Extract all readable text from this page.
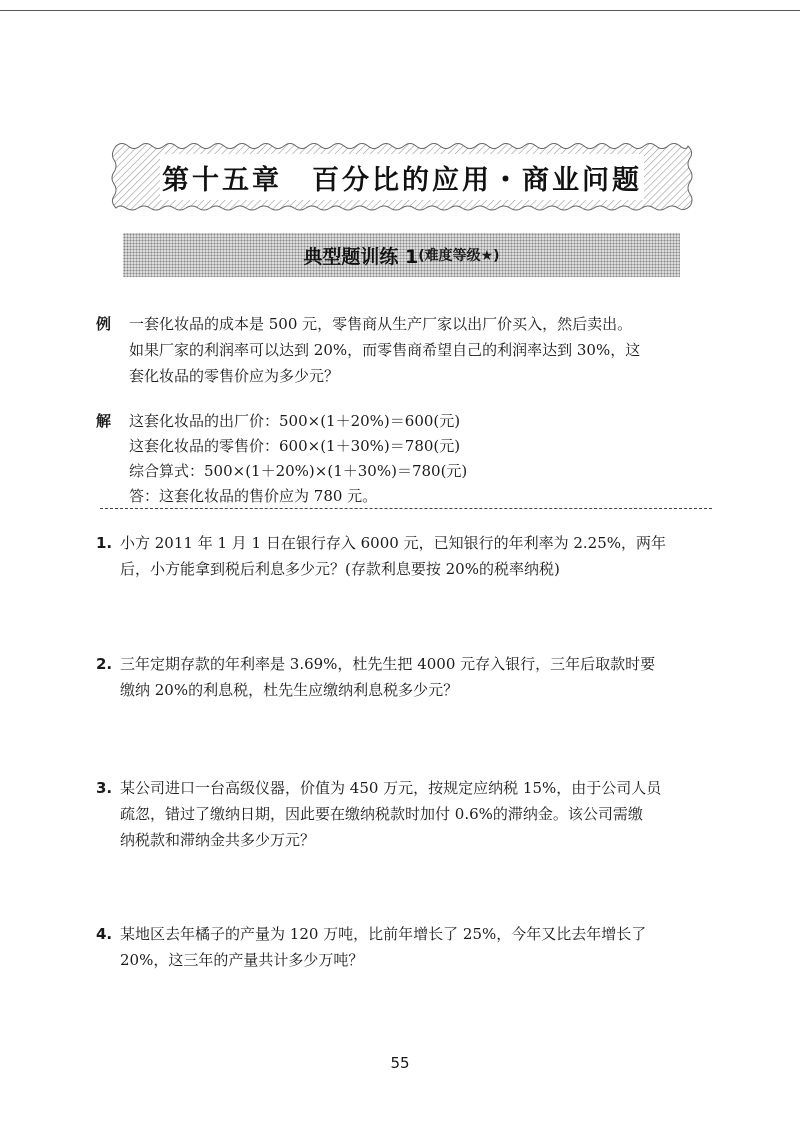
第十五章　百分比的应用・商业问题
典型题训练 1 (难度等级★)
例 一套化妆品的成本是 500 元，零售商从生产厂家以出厂价买入，然后卖出。
如果厂家的利润率可以达到 20%，而零售商希望自己的利润率达到 30%，这
套化妆品的零售价应为多少元？
解 这套化妆品的出厂价：500×(1＋20%)＝600(元)
这套化妆品的零售价：600×(1＋30%)＝780(元)
综合算式：500×(1＋20%)×(1＋30%)＝780(元)
答：这套化妆品的售价应为 780 元。
1. 小方 2011 年 1 月 1 日在银行存入 6000 元，已知银行的年利率为 2.25%，两年
后，小方能拿到税后利息多少元？(存款利息要按 20%的税率纳税)
2. 三年定期存款的年利率是 3.69%，杜先生把 4000 元存入银行，三年后取款时要
缴纳 20%的利息税，杜先生应缴纳利息税多少元？
3. 某公司进口一台高级仪器，价值为 450 万元，按规定应纳税 15%，由于公司人员
疏忽，错过了缴纳日期，因此要在缴纳税款时加付 0.6%的滞纳金。该公司需缴
纳税款和滞纳金共多少万元？
4. 某地区去年橘子的产量为 120 万吨，比前年增长了 25%，今年又比去年增长了
20%，这三年的产量共计多少万吨？
55
